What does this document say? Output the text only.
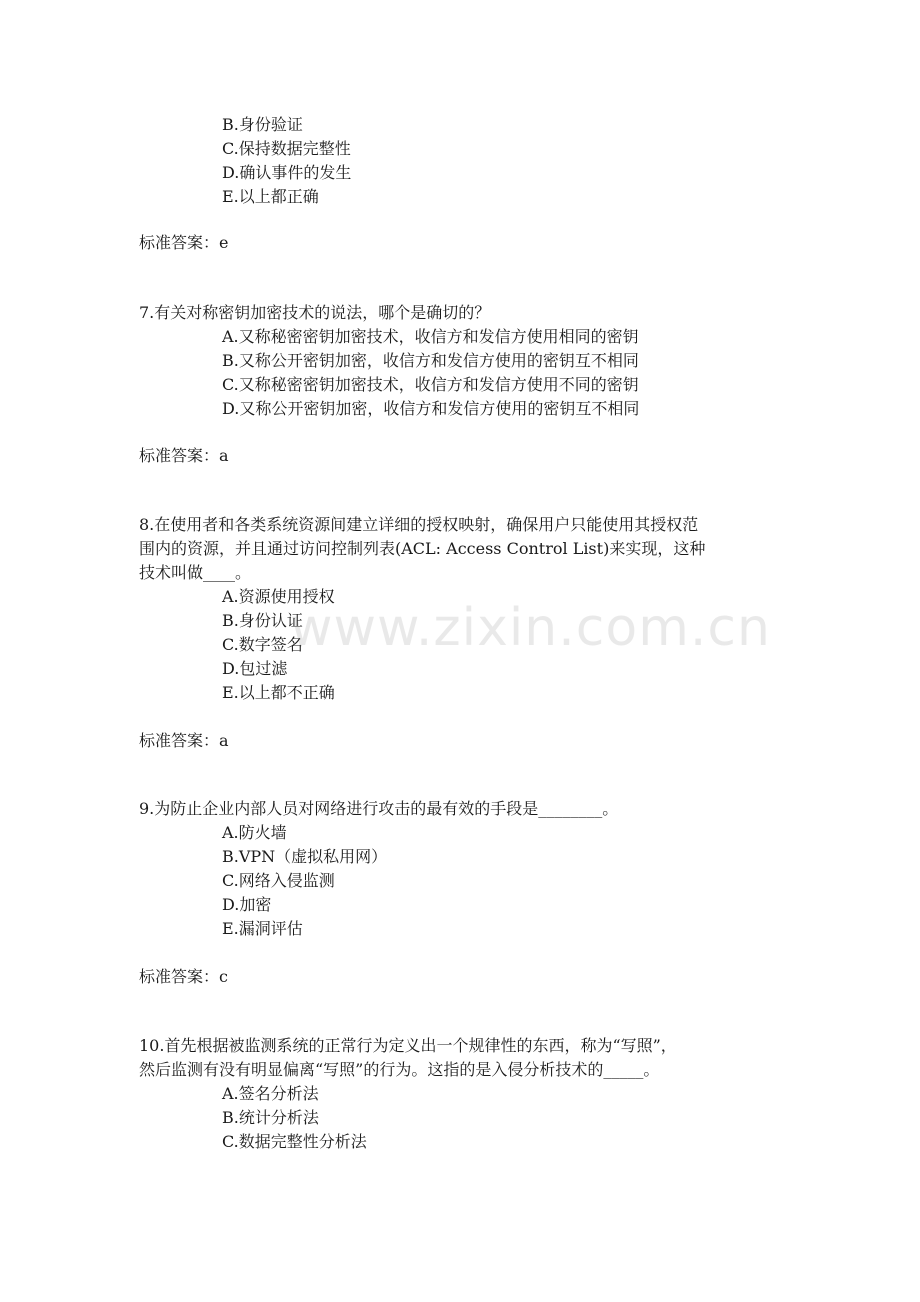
B.身份验证
C.保持数据完整性
D.确认事件的发生
E.以上都正确
标准答案：e
7.有关对称密钥加密技术的说法，哪个是确切的？
A.又称秘密密钥加密技术，收信方和发信方使用相同的密钥
B.又称公开密钥加密，收信方和发信方使用的密钥互不相同
C.又称秘密密钥加密技术，收信方和发信方使用不同的密钥
D.又称公开密钥加密，收信方和发信方使用的密钥互不相同
标准答案：a
8.在使用者和各类系统资源间建立详细的授权映射，确保用户只能使用其授权范
围内的资源，并且通过访问控制列表(ACL: Access Control List)来实现，这种
技术叫做____。
A.资源使用授权
B.身份认证
C.数字签名
D.包过滤
E.以上都不正确
标准答案：a
9.为防止企业内部人员对网络进行攻击的最有效的手段是________。
A.防火墙
B.VPN（虚拟私用网）
C.网络入侵监测
D.加密
E.漏洞评估
标准答案：c
10.首先根据被监测系统的正常行为定义出一个规律性的东西，称为“写照”，
然后监测有没有明显偏离“写照”的行为。这指的是入侵分析技术的_____。
A.签名分析法
B.统计分析法
C.数据完整性分析法
www.zixin.com.cn
